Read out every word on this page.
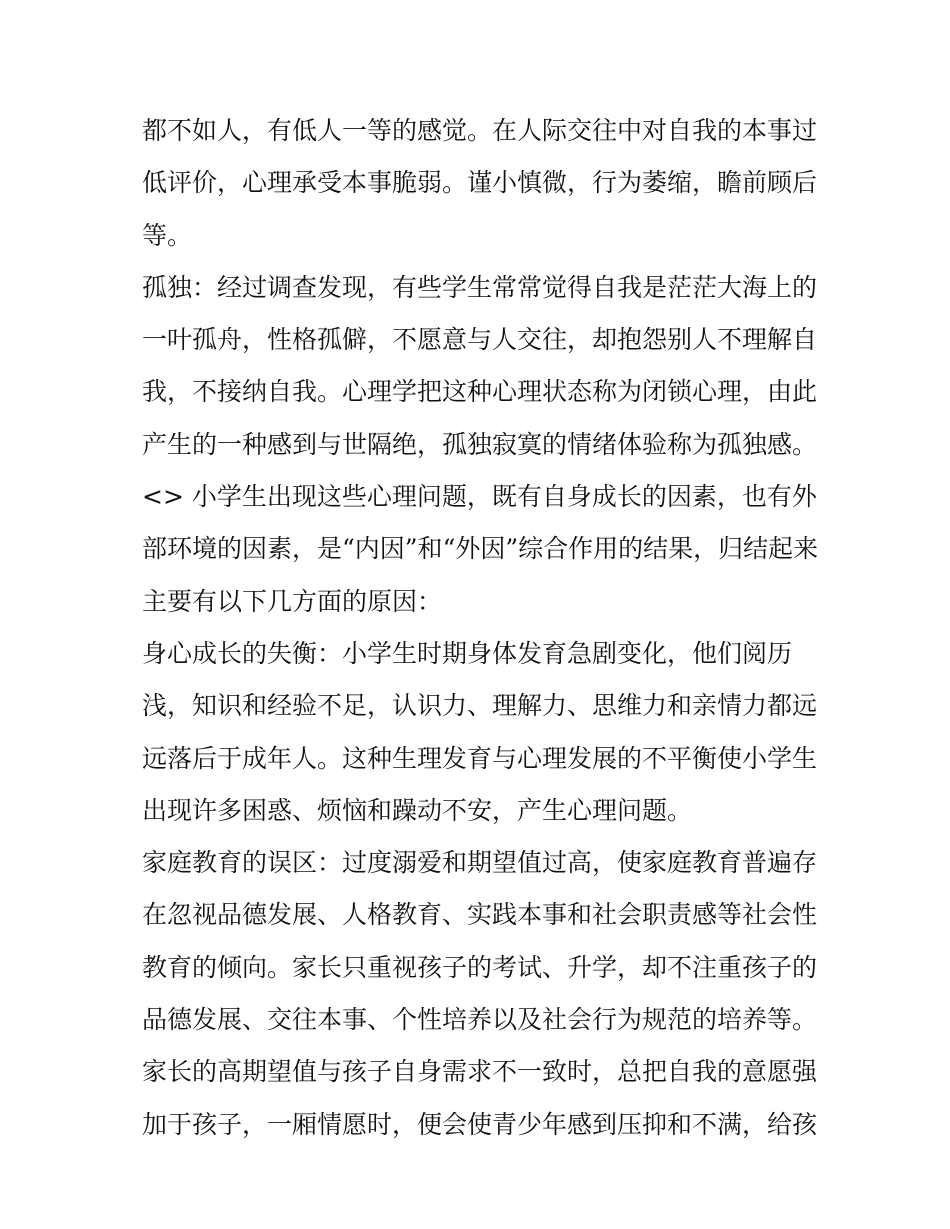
都不如人，有低人一等的感觉。在人际交往中对自我的本事过
低评价，心理承受本事脆弱。谨小慎微，行为萎缩，瞻前顾后
等。
孤独：经过调查发现，有些学生常常觉得自我是茫茫大海上的
一叶孤舟，性格孤僻，不愿意与人交往，却抱怨别人不理解自
我，不接纳自我。心理学把这种心理状态称为闭锁心理，由此
产生的一种感到与世隔绝，孤独寂寞的情绪体验称为孤独感。
<> 小学生出现这些心理问题，既有自身成长的因素，也有外
部环境的因素，是“内因”和“外因”综合作用的结果，归结起来
主要有以下几方面的原因：
身心成长的失衡：小学生时期身体发育急剧变化，他们阅历
浅，知识和经验不足，认识力、理解力、思维力和亲情力都远
远落后于成年人。这种生理发育与心理发展的不平衡使小学生
出现许多困惑、烦恼和躁动不安，产生心理问题。
家庭教育的误区：过度溺爱和期望值过高，使家庭教育普遍存
在忽视品德发展、人格教育、实践本事和社会职责感等社会性
教育的倾向。家长只重视孩子的考试、升学，却不注重孩子的
品德发展、交往本事、个性培养以及社会行为规范的培养等。
家长的高期望值与孩子自身需求不一致时，总把自我的意愿强
加于孩子，一厢情愿时，便会使青少年感到压抑和不满，给孩
